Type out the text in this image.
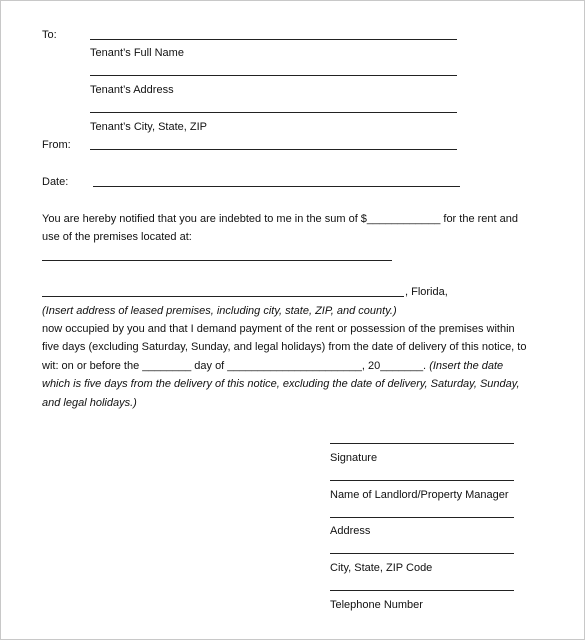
To:
Tenant’s Full Name
Tenant’s Address
Tenant’s City, State, ZIP
From:
Date:
You are hereby notified that you are indebted to me in the sum of $____________ for the rent and
use of the premises located at:
, Florida,
(Insert address of leased premises, including city, state, ZIP, and county.)
now occupied by you and that I demand payment of the rent or possession of the premises within
five days (excluding Saturday, Sunday, and legal holidays) from the date of delivery of this notice, to
wit: on or before the ________ day of ______________________, 20_______. (Insert the date
which is five days from the delivery of this notice, excluding the date of delivery, Saturday, Sunday,
and legal holidays.)
Signature
Name of Landlord/Property Manager
Address
City, State, ZIP Code
Telephone Number
